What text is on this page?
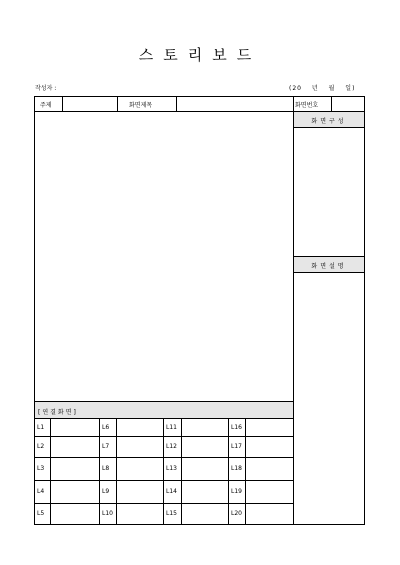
스토리보드
작성자 :	(20 년 월 일)
주제	화면제목	화면번호
화면구성
화면설명
[연결화면]
L1	L6	L11	L16
L2	L7	L12	L17
L3	L8	L13	L18
L4	L9	L14	L19
L5	L10	L15	L20
